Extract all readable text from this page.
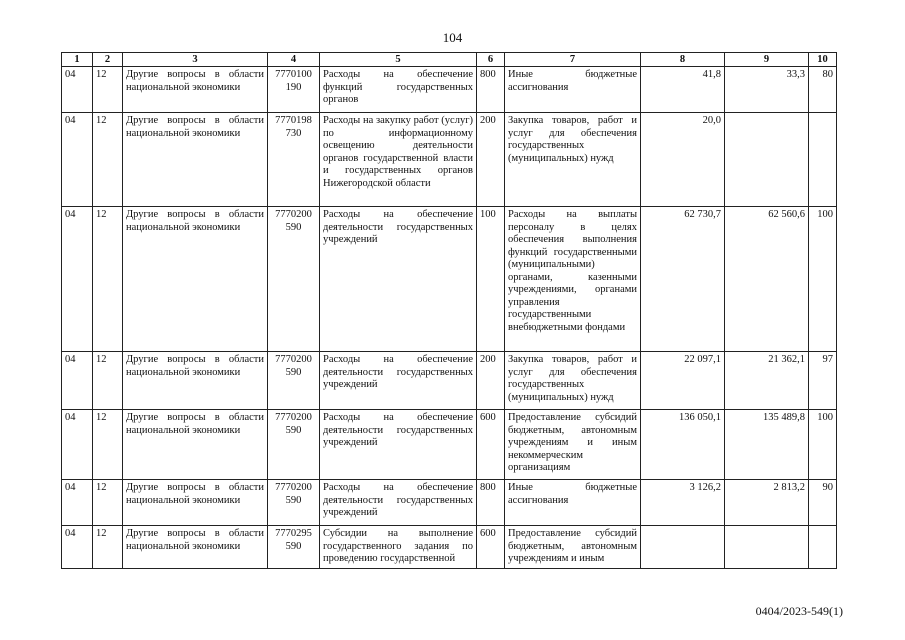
104
1	2	3	4	5	6	7	8	9	10
04	12	Другие вопросы в области национальной экономики	7770100 190	Расходы на обеспечение функций государственных органов	800	Иные бюджетные ассигнования	41,8	33,3	80
04	12	Другие вопросы в области национальной экономики	7770198 730	Расходы на закупку работ (услуг) по информационному освещению деятельности органов государственной власти и государственных органов Нижегородской области	200	Закупка товаров, работ и услуг для обеспечения государственных (муниципальных) нужд	20,0		
04	12	Другие вопросы в области национальной экономики	7770200 590	Расходы на обеспечение деятельности государственных учреждений	100	Расходы на выплаты персоналу в целях обеспечения выполнения функций государственными (муниципальными) органами, казенными учреждениями, органами управления государственными внебюджетными фондами	62 730,7	62 560,6	100
04	12	Другие вопросы в области национальной экономики	7770200 590	Расходы на обеспечение деятельности государственных учреждений	200	Закупка товаров, работ и услуг для обеспечения государственных (муниципальных) нужд	22 097,1	21 362,1	97
04	12	Другие вопросы в области национальной экономики	7770200 590	Расходы на обеспечение деятельности государственных учреждений	600	Предоставление субсидий бюджетным, автономным учреждениям и иным некоммерческим организациям	136 050,1	135 489,8	100
04	12	Другие вопросы в области национальной экономики	7770200 590	Расходы на обеспечение деятельности государственных учреждений	800	Иные бюджетные ассигнования	3 126,2	2 813,2	90
04	12	Другие вопросы в области национальной экономики	7770295 590	Субсидии на выполнение государственного задания по проведению государственной	600	Предоставление субсидий бюджетным, автономным учреждениям и иным			
0404/2023-549(1)
